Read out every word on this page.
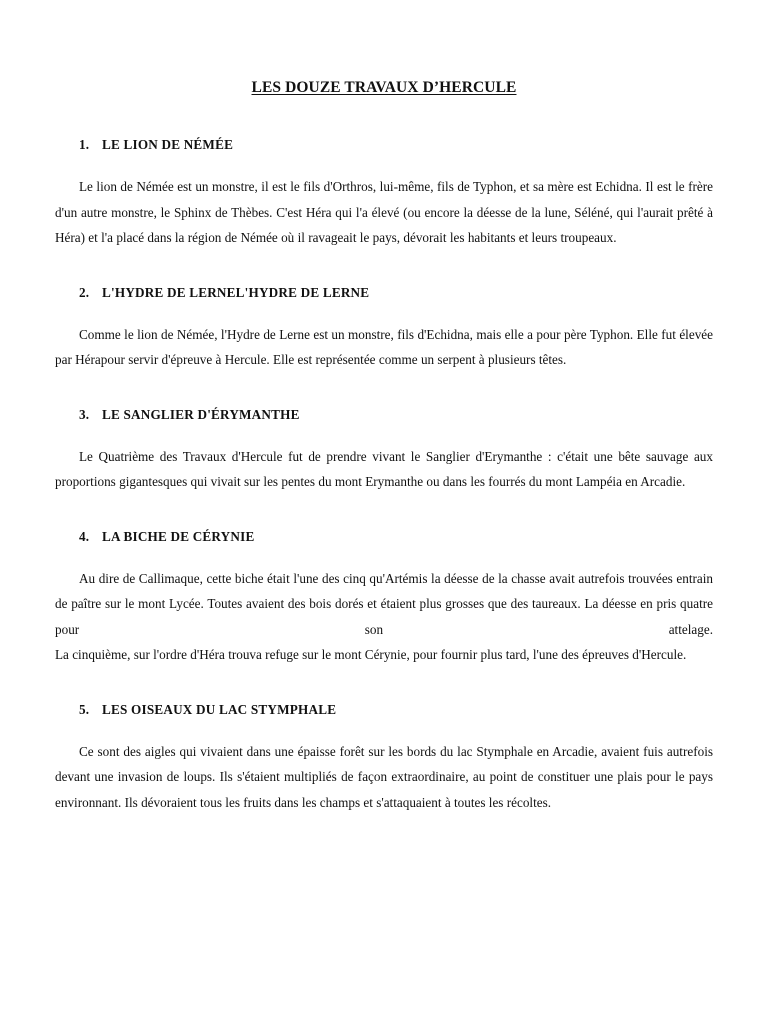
LES DOUZE TRAVAUX D’HERCULE
1. LE LION DE NÉMÉE

Le lion de Némée est un monstre, il est le fils d'Orthros, lui-même, fils de Typhon, et sa mère est Echidna. Il est le frère d'un autre monstre, le Sphinx de Thèbes. C'est Héra qui l'a élevé (ou encore la déesse de la lune, Séléné, qui l'aurait prêté à Héra) et l'a placé dans la région de Némée où il ravageait le pays, dévorait les habitants et leurs troupeaux.

2. L'HYDRE DE LERNEL'HYDRE DE LERNE

Comme le lion de Némée, l'Hydre de Lerne est un monstre, fils d'Echidna, mais elle a pour père Typhon. Elle fut élevée par Hérapour servir d'épreuve à Hercule. Elle est représentée comme un serpent à plusieurs têtes.

3. LE SANGLIER D'ÉRYMANTHE

Le Quatrième des Travaux d'Hercule fut de prendre vivant le Sanglier d'Erymanthe : c'était une bête sauvage aux proportions gigantesques qui vivait sur les pentes du mont Erymanthe ou dans les fourrés du mont Lampéia en Arcadie.

4. LA BICHE DE CÉRYNIE

Au dire de Callimaque, cette biche était l'une des cinq qu'Artémis la déesse de la chasse avait autrefois trouvées entrain de paître sur le mont Lycée. Toutes avaient des bois dorés et étaient plus grosses que des taureaux. La déesse en pris quatre pour son attelage.

La cinquième, sur l'ordre d'Héra trouva refuge sur le mont Cérynie, pour fournir plus tard, l'une des épreuves d'Hercule.

5. LES OISEAUX DU LAC STYMPHALE

Ce sont des aigles qui vivaient dans une épaisse forêt sur les bords du lac Stymphale en Arcadie, avaient fuis autrefois devant une invasion de loups. Ils s'étaient multipliés de façon extraordinaire, au point de constituer une plais pour le pays environnant. Ils dévoraient tous les fruits dans les champs et s'attaquaient à toutes les récoltes.
